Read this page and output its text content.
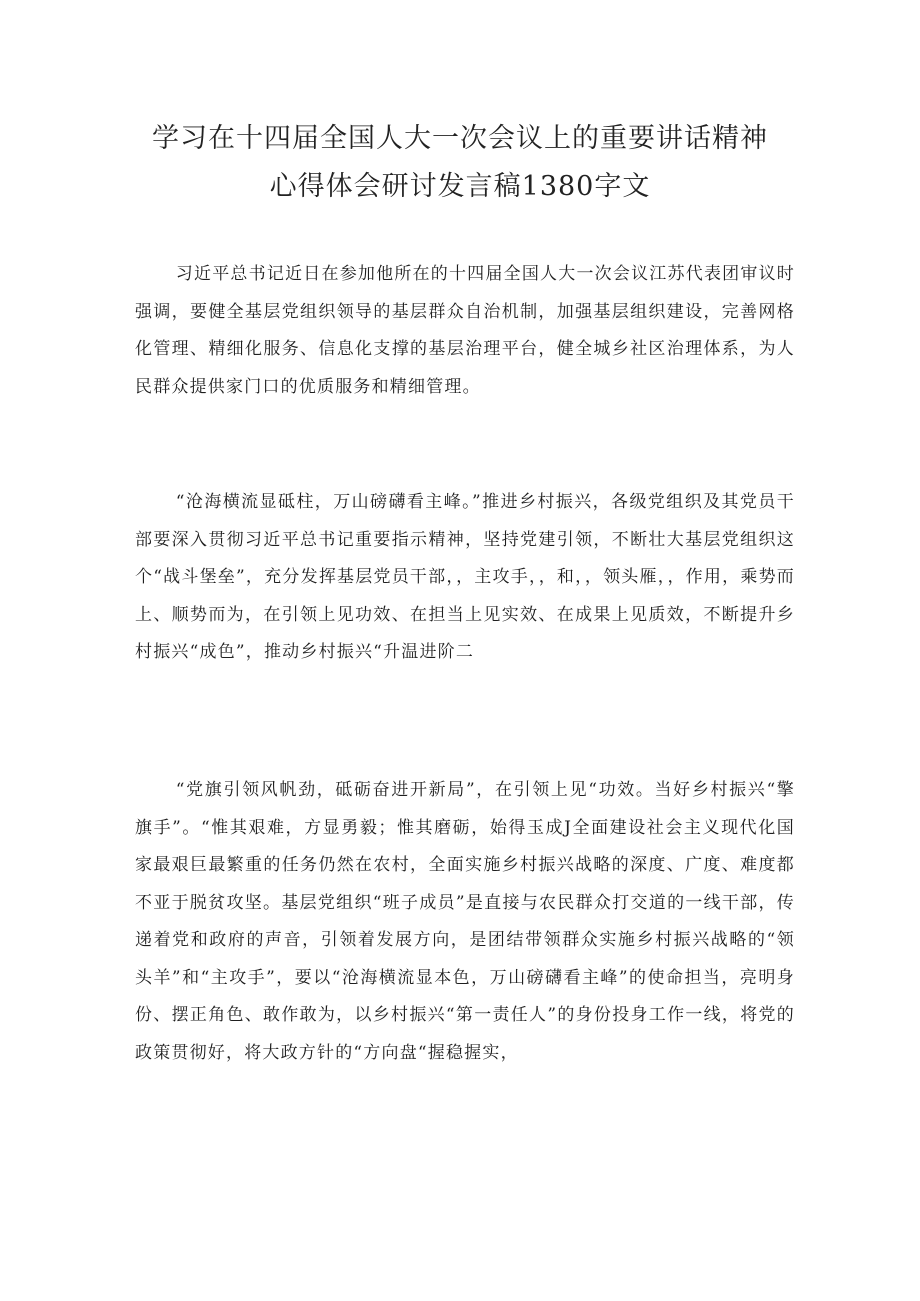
学习在十四届全国人大一次会议上的重要讲话精神
心得体会研讨发言稿1380字文

习近平总书记近日在参加他所在的十四届全国人大一次会议江苏代表团审议时强调，要健全基层党组织领导的基层群众自治机制，加强基层组织建设，完善网格化管理、精细化服务、信息化支撑的基层治理平台，健全城乡社区治理体系，为人民群众提供家门口的优质服务和精细管理。

“沧海横流显砥柱，万山磅礴看主峰。”推进乡村振兴，各级党组织及其党员干部要深入贯彻习近平总书记重要指示精神，坚持党建引领，不断壮大基层党组织这个“战斗堡垒”，充分发挥基层党员干部，，主攻手，，和，，领头雁，，作用，乘势而上、顺势而为，在引领上见功效、在担当上见实效、在成果上见质效，不断提升乡村振兴“成色”，推动乡村振兴“升温进阶二

“党旗引领风帆劲，砥砺奋进开新局”，在引领上见“功效。当好乡村振兴“擎旗手”。“惟其艰难，方显勇毅；惟其磨砺，始得玉成J全面建设社会主义现代化国家最艰巨最繁重的任务仍然在农村，全面实施乡村振兴战略的深度、广度、难度都不亚于脱贫攻坚。基层党组织“班子成员”是直接与农民群众打交道的一线干部，传递着党和政府的声音，引领着发展方向，是团结带领群众实施乡村振兴战略的“领头羊”和“主攻手”，要以“沧海横流显本色，万山磅礴看主峰”的使命担当，亮明身份、摆正角色、敢作敢为，以乡村振兴“第一责任人”的身份投身工作一线，将党的政策贯彻好，将大政方针的“方向盘“握稳握实，
